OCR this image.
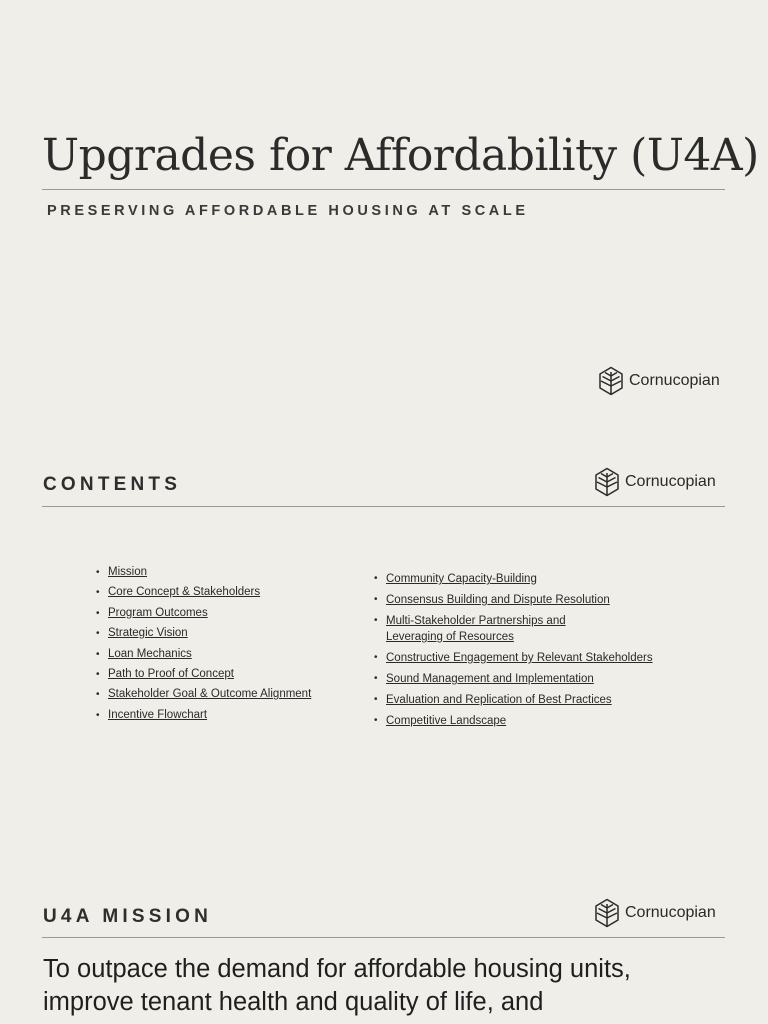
Upgrades for Affordability (U4A)
PRESERVING AFFORDABLE HOUSING AT SCALE
Cornucopian
CONTENTS	Cornucopian
• Mission
• Core Concept & Stakeholders
• Program Outcomes
• Strategic Vision
• Loan Mechanics
• Path to Proof of Concept
• Stakeholder Goal & Outcome Alignment
• Incentive Flowchart
• Community Capacity-Building
• Consensus Building and Dispute Resolution
• Multi-Stakeholder Partnerships and
Leveraging of Resources
• Constructive Engagement by Relevant Stakeholders
• Sound Management and Implementation
• Evaluation and Replication of Best Practices
• Competitive Landscape
U4A MISSION	Cornucopian

To outpace the demand for affordable housing units,
improve tenant health and quality of life, and
